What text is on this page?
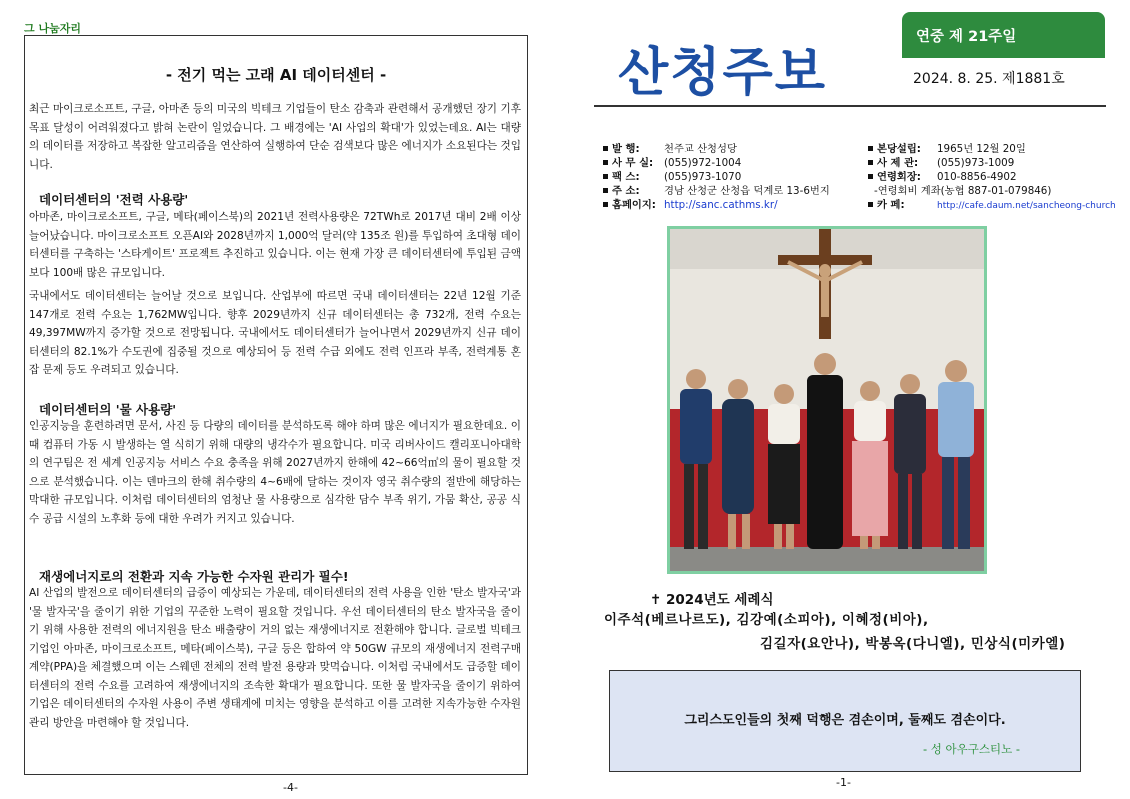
그 나눔자리
- 전기 먹는 고래 AI 데이터센터 -

최근 마이크로소프트, 구글, 아마존 등의 미국의 빅테크 기업들이 탄소 감축과 관련해서 공개했던 장기 기후 목표 달성이 어려워졌다고 밝혀 논란이 일었습니다. 그 배경에는 'AI 사업의 확대'가 있었는데요. AI는 대량의 데이터를 저장하고 복잡한 알고리즘을 연산하여 실행하여 단순 검색보다 많은 에너지가 소요된다는 것입니다.

데이터센터의 '전력 사용량'

아마존, 마이크로소프트, 구글, 메타(페이스북)의 2021년 전력사용량은 72TWh로 2017년 대비 2배 이상 늘어났습니다. 마이크로소프트 오픈AI와 2028년까지 1,000억 달러(약 135조 원)를 투입하여 초대형 데이터센터를 구축하는 '스타게이트' 프로젝트 추진하고 있습니다. 이는 현재 가장 큰 데이터센터에 투입된 금액보다 100배 많은 규모입니다.

국내에서도 데이터센터는 늘어날 것으로 보입니다. 산업부에 따르면 국내 데이터센터는 22년 12월 기준 147개로 전력 수요는 1,762MW입니다. 향후 2029년까지 신규 데이터센터는 총 732개, 전력 수요는 49,397MW까지 증가할 것으로 전망됩니다. 국내에서도 데이터센터가 늘어나면서 2029년까지 신규 데이터센터의 82.1%가 수도권에 집중될 것으로 예상되어 등 전력 수급 외에도 전력 인프라 부족, 전력계통 혼잡 문제 등도 우려되고 있습니다.

데이터센터의 '물 사용량'

인공지능을 훈련하려면 문서, 사진 등 다량의 데이터를 분석하도록 해야 하며 많은 에너지가 필요한데요. 이때 컴퓨터 가동 시 발생하는 열 식히기 위해 대량의 냉각수가 필요합니다. 미국 리버사이드 캘리포니아대학의 연구팀은 전 세계 인공지능 서비스 수요 충족을 위해 2027년까지 한해에 42~66억㎥의 물이 필요할 것으로 분석했습니다. 이는 덴마크의 한해 취수량의 4~6배에 달하는 것이자 영국 취수량의 절반에 해당하는 막대한 규모입니다. 이처럼 데이터센터의 엄청난 물 사용량으로 심각한 담수 부족 위기, 가뭄 확산, 공공 식수 공급 시설의 노후화 등에 대한 우려가 커지고 있습니다.

재생에너지로의 전환과 지속 가능한 수자원 관리가 필수!

AI 산업의 발전으로 데이터센터의 급증이 예상되는 가운데, 데이터센터의 전력 사용을 인한 '탄소 발자국'과 '물 발자국'을 줄이기 위한 기업의 꾸준한 노력이 필요할 것입니다. 우선 데이터센터의 탄소 발자국을 줄이기 위해 사용한 전력의 에너지원을 탄소 배출량이 거의 없는 재생에너지로 전환해야 합니다. 글로벌 빅테크 기업인 아마존, 마이크로소프트, 메타(페이스북), 구글 등은 합하여 약 50GW 규모의 재생에너지 전력구매계약(PPA)을 체결했으며 이는 스웨덴 전체의 전력 발전 용량과 맞먹습니다. 이처럼 국내에서도 급증할 데이터센터의 전력 수요를 고려하여 재생에너지의 조속한 확대가 필요합니다. 또한 물 발자국을 줄이기 위하여 기업은 데이터센터의 수자원 사용이 주변 생태계에 미치는 영향을 분석하고 이를 고려한 지속가능한 수자원 관리 방안을 마련해야 할 것입니다.

-4-
연중 제 21주일
산청주보	2024. 8. 25. 제1881호
발 행: 천주교 산청성당
사 무 실: (055)972-1004
팩 스: (055)973-1070
주 소: 경남 산청군 산청읍 덕계로 13-6번지
홈페이지: http://sanc.cathms.kr/
본당설립: 1965년 12월 20일
사 제 관: (055)973-1009
연령회장: 010-8856-4902
-연령회비 계좌(농협 887-01-079846)
카 페:	http://cafe.daum.net/sancheong-church
✝ 2024년도 세례식
이주석(베르나르도), 김강예(소피아), 이혜정(비아),
김길자(요안나), 박봉옥(다니엘), 민상식(미카엘)
그리스도인들의 첫째 덕행은 겸손이며, 둘째도 겸손이다.
- 성 아우구스티노 -
-1-
